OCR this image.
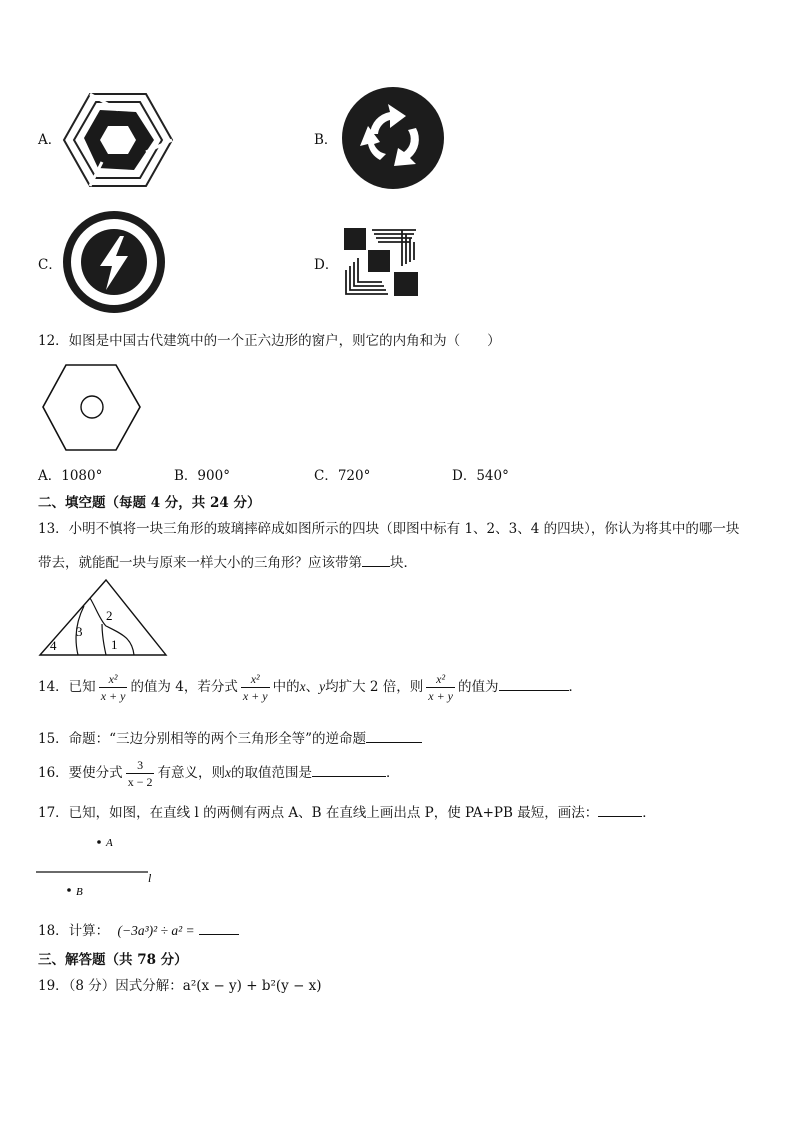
A．	B．
C．	D．
12．如图是中国古代建筑中的一个正六边形的窗户，则它的内角和为（　　）
A．1080°	B．900°	C．720°	D．540°
二、填空题（每题 4 分，共 24 分）
13．小明不慎将一块三角形的玻璃摔碎成如图所示的四块（即图中标有 1、2、3、4 的四块），你认为将其中的哪一块
带去，就能配一块与原来一样大小的三角形？应该带第 块．
1
2
3
4
14．已知 $\frac{\text{x²}}{x + y}$ 的值为 4，若分式 $\frac{\text{x²}}{x + y}$ 中的x、y均扩大 2 倍，则 $\frac{\text{x²}}{x + y}$ 的值为	．
15．命题：“三边分别相等的两个三角形全等”的逆命题
16．要使分式 $\frac{3}{x - 2}$ 有意义，则x的取值范围是	．
17．已知，如图，在直线 l 的两侧有两点 A、B 在直线上画出点 P，使 PA+PB 最短，画法：	．
A
l
B
18．计算： (−3a³)² ÷ a² =
三、解答题（共 78 分）
19．（8 分）因式分解：a²(x − y) + b²(y − x)
